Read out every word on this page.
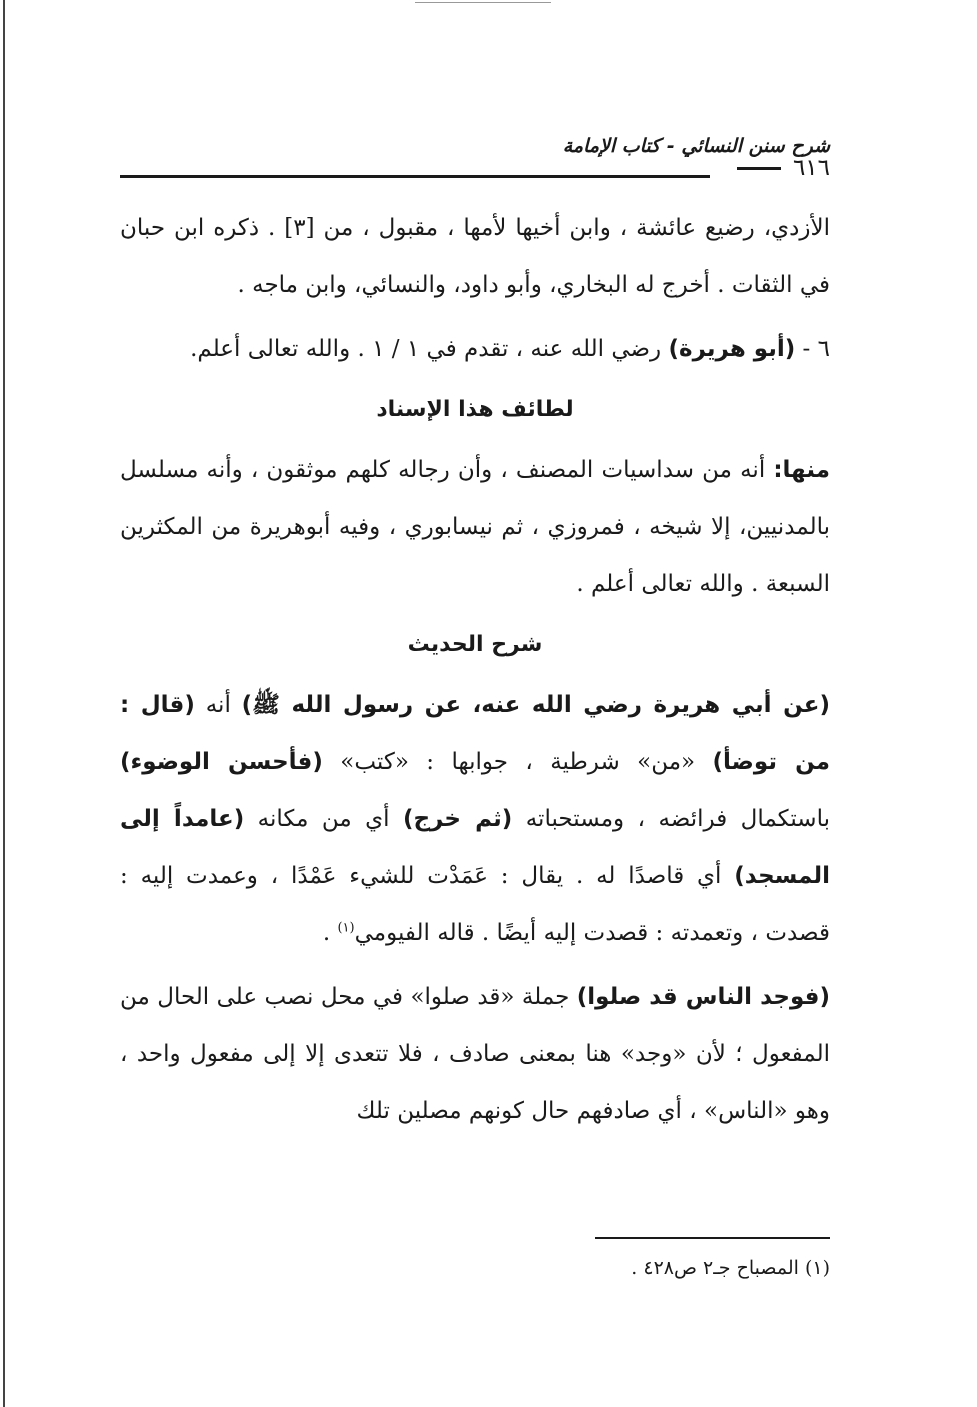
شرح سنن النسائي - كتاب الإمامة
٦١٦

الأزدي، رضيع عائشة ، وابن أخيها لأمها ، مقبول ، من [٣] . ذكره ابن حبان في الثقات . أخرج له البخاري، وأبو داود، والنسائي، وابن ماجه .

٦ - (أبو هريرة) رضي الله عنه ، تقدم في ١ / ١ . والله تعالى أعلم.

لطائف هذا الإسناد

منها: أنه من سداسيات المصنف ، وأن رجاله كلهم موثقون ، وأنه مسلسل بالمدنيين، إلا شيخه ، فمروزي ، ثم نيسابوري ، وفيه أبوهريرة من المكثرين السبعة . والله تعالى أعلم .

شرح الحديث

(عن أبي هريرة رضي الله عنه، عن رسول الله ﷺ) أنه (قال : من توضأ) «من» شرطية ، جوابها : «كتب» (فأحسن الوضوء) باستكمال فرائضه ، ومستحباته (ثم خرج) أي من مكانه (عامداً إلى المسجد) أي قاصدًا له . يقال : عَمَدْت للشيء عَمْدًا ، وعمدت إليه : قصدت ، وتعمدته : قصدت إليه أيضًا . قاله الفيومي$^{(١)}$ .

(فوجد الناس قد صلوا) جملة «قد صلوا» في محل نصب على الحال من المفعول ؛ لأن «وجد» هنا بمعنى صادف ، فلا تتعدى إلا إلى مفعول واحد ، وهو «الناس» ، أي صادفهم حال كونهم مصلين تلك

(١) المصباح جـ٢ ص٤٢٨ .
